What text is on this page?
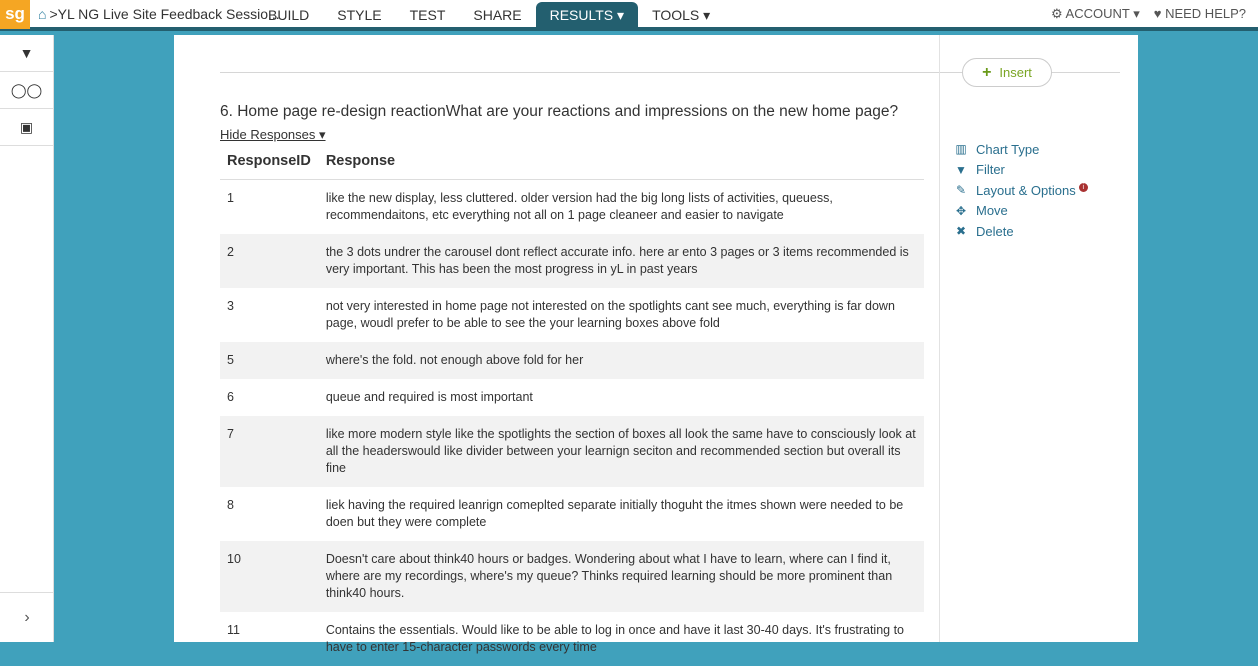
sg ⌂ >YL NG Live Site Feedback Sessio...
BUILD	STYLE	TEST	SHARE	RESULTS ▾	TOOLS ▾	⚙ ACCOUNT ▾ ♥ NEED HELP?
▼
◯◯
▣
›
+ Insert
6. Home page re-design reactionWhat are your reactions and impressions on the new home page?
Hide Responses ▾
ResponseID	Response
1	like the new display, less cluttered. older version had the big long lists of activities, queuess, recommendaitons, etc everything not all on 1 page cleaneer and easier to navigate
2	the 3 dots undrer the carousel dont reflect accurate info. here ar ento 3 pages or 3 items recommended is very important. This has been the most progress in yL in past years
3	not very interested in home page not interested on the spotlights cant see much, everything is far down page, woudl prefer to be able to see the your learning boxes above fold
5	where's the fold. not enough above fold for her
6	queue and required is most important
7	like more modern style like the spotlights the section of boxes all look the same have to consciously look at all the headerswould like divider between your learnign seciton and recommended section but overall its fine
8	liek having the required leanrign comeplted separate initially thoguht the itmes shown were needed to be doen but they were complete
10	Doesn't care about think40 hours or badges. Wondering about what I have to learn, where can I find it, where are my recordings, where's my queue? Thinks required learning should be more prominent than think40 hours.
11	Contains the essentials. Would like to be able to log in once and have it last 30-40 days. It's frustrating to have to enter 15-character passwords every time
▥ Chart Type
▼ Filter
✎ Layout & Options i
✥ Move
✖ Delete
